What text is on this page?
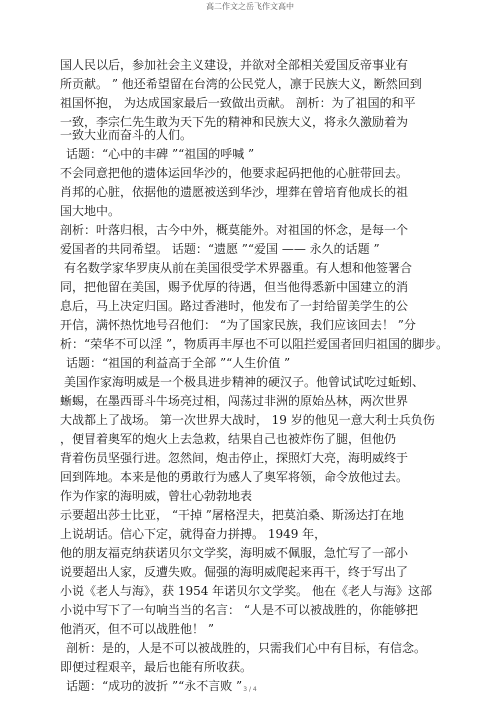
高二作文之岳飞作文高中
国人民以后，参加社会主义建设，并欲对全部相关爱国反帝事业有
所贡献。 ” 他还希望留在台湾的公民党人，凛于民族大义，断然回到
祖国怀抱， 为达成国家最后一致做出贡献。 剖析：为了祖国的和平
一致，李宗仁先生敢为天下先的精神和民族大义，将永久激励着为
一致大业而奋斗的人们。
话题：“心中的丰碑 ”“祖国的呼喊 ”
不会同意把他的遗体运回华沙的，他要求起码把他的心脏带回去。
肖邦的心脏，依据他的遗愿被送到华沙，埋葬在曾培育他成长的祖
国大地中。
剖析：叶落归根，古今中外，概莫能外。对祖国的怀念，是每一个
爱国者的共同希望。 话题：“遗愿 ”“爱国 —— 永久的话题 ”
有名数学家华罗庚从前在美国很受学术界器重。有人想和他签署合
同，把他留在美国，赐予优厚的待遇，但当他得悉新中国建立的消
息后，马上决定归国。路过香港时，他发布了一封给留美学生的公
开信，满怀热忱地号召他们： “为了国家民族，我们应该回去！ ”分
析：“荣华不可以淫 ”，物质再丰厚也不可以阻拦爱国者回归祖国的脚步。
话题：“祖国的利益高于全部 ”“人生价值 ”
美国作家海明威是一个极具进步精神的硬汉子。他曾试试吃过蚯蚓、
蜥蜴，在墨西哥斗牛场亮过相，闯荡过非洲的原始丛林，两次世界
大战都上了战场。 第一次世界大战时， 19 岁的他见一意大利士兵负伤
，便冒着奥军的炮火上去急救，结果自己也被炸伤了腿，但他仍
背着伤员坚强行进。忽然间，炮击停止，探照灯大亮，海明威终于
回到阵地。本来是他的勇敢行为感人了奥军将领，命令放他过去。
作为作家的海明威，曾壮心勃勃地表
示要超出莎士比亚， “干掉 ”屠格涅夫，把莫泊桑、斯汤达打在地
上说胡话。信心下定，就得奋力拼搏。 1949 年，
他的朋友福克纳获诺贝尔文学奖，海明威不佩服，急忙写了一部小
说要超出人家，反遭失败。倔强的海明威爬起来再干，终于写出了
小说《老人与海》，获 1954 年诺贝尔文学奖。 他在《老人与海》这部
小说中写下了一句响当当的名言： “人是不可以被战胜的，你能够把
他消灭，但不可以战胜他！ ”
剖析：是的，人是不可以被战胜的，只需我们心中有目标，有信念。
即便过程艰辛，最后也能有所收获。
话题：“成功的波折 ”“永不言败 ” 3 / 4
